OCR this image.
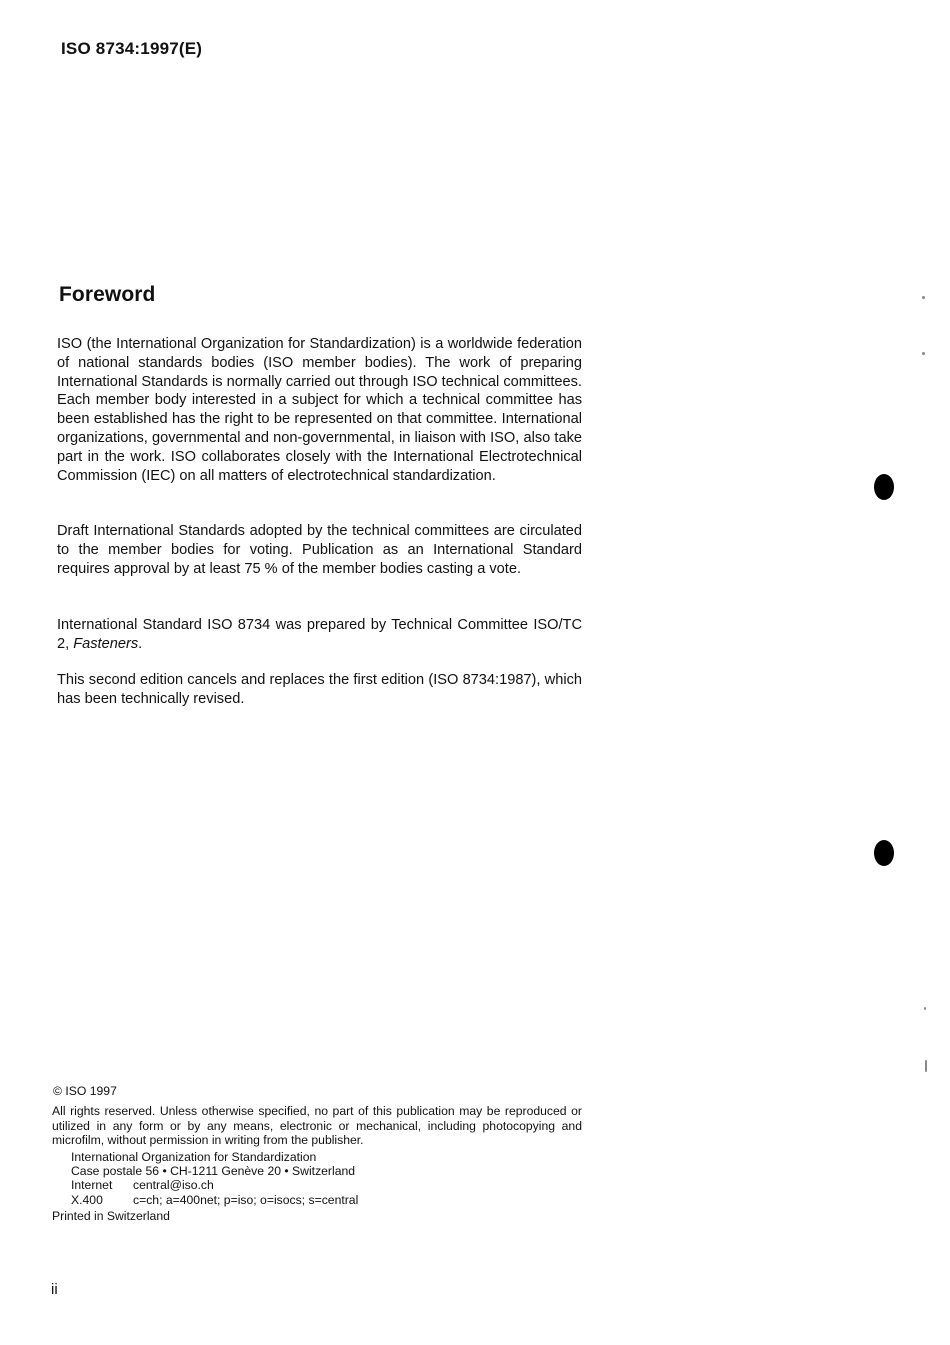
ISO 8734:1997(E)
Foreword

ISO (the International Organization for Standardization) is a worldwide federation of national standards bodies (ISO member bodies). The work of preparing International Standards is normally carried out through ISO technical committees. Each member body interested in a subject for which a technical committee has been established has the right to be represented on that committee. International organizations, governmental and non-governmental, in liaison with ISO, also take part in the work. ISO collaborates closely with the International Electrotechnical Commission (IEC) on all matters of electrotechnical standardization.

Draft International Standards adopted by the technical committees are circulated to the member bodies for voting. Publication as an International Standard requires approval by at least 75 % of the member bodies casting a vote.

International Standard ISO 8734 was prepared by Technical Committee ISO/TC 2, Fasteners.

This second edition cancels and replaces the first edition (ISO 8734:1987), which has been technically revised.

© ISO 1997

All rights reserved. Unless otherwise specified, no part of this publication may be reproduced or utilized in any form or by any means, electronic or mechanical, including photocopying and microfilm, without permission in writing from the publisher.

International Organization for Standardization
Case postale 56 • CH-1211 Genève 20 • Switzerland
Internet	central@iso.ch
X.400	c=ch; a=400net; p=iso; o=isocs; s=central
Printed in Switzerland
ii
